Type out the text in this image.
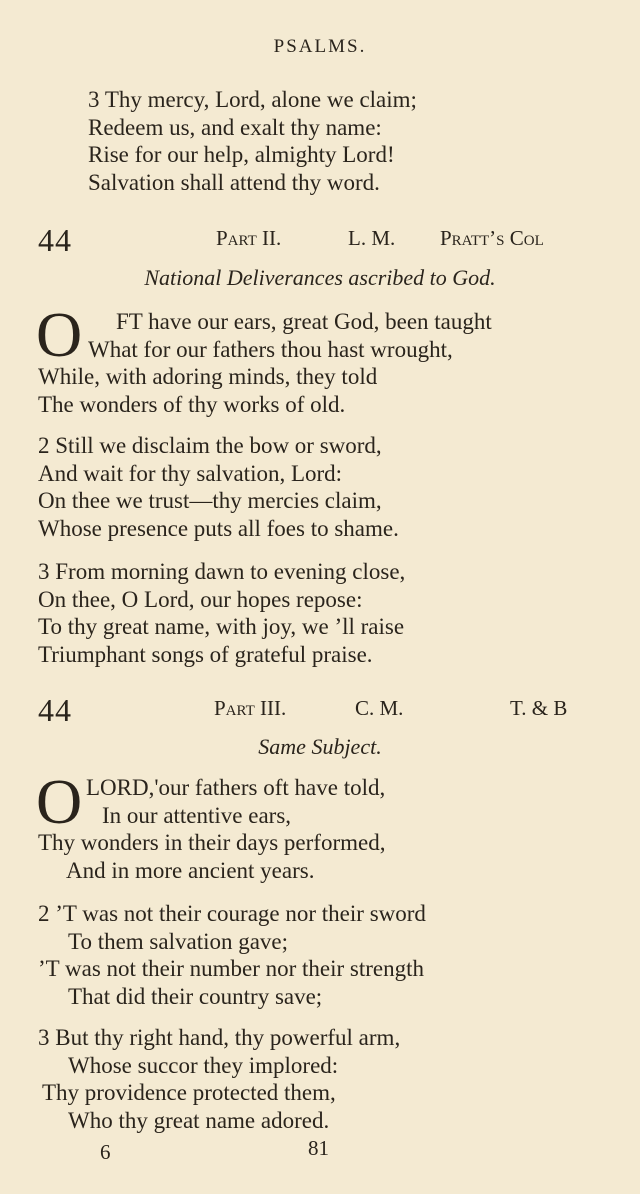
PSALMS.
3 Thy mercy, Lord, alone we claim;
Redeem us, and exalt thy name:
Rise for our help, almighty Lord!
Salvation shall attend thy word.
44	Part II.	L. M. Pratt’s Col
National Deliverances ascribed to God.
O	FT have our ears, great God, been taught
What for our fathers thou hast wrought,
While, with adoring minds, they told
The wonders of thy works of old.
2 Still we disclaim the bow or sword,
And wait for thy salvation, Lord:
On thee we trust—thy mercies claim,
Whose presence puts all foes to shame.
3 From morning dawn to evening close,
On thee, O Lord, our hopes repose:
To thy great name, with joy, we ’ll raise
Triumphant songs of grateful praise.
44	Part III.	C. M.	T. & B
Same Subject.
O LORD,'our fathers oft have told,
In our attentive ears,
Thy wonders in their days performed,
And in more ancient years.
2 ’T was not their courage nor their sword
To them salvation gave;
’T was not their number nor their strength
That did their country save;
3 But thy right hand, thy powerful arm,
Whose succor they implored:
Thy providence protected them,
Who thy great name adored.
6	81
